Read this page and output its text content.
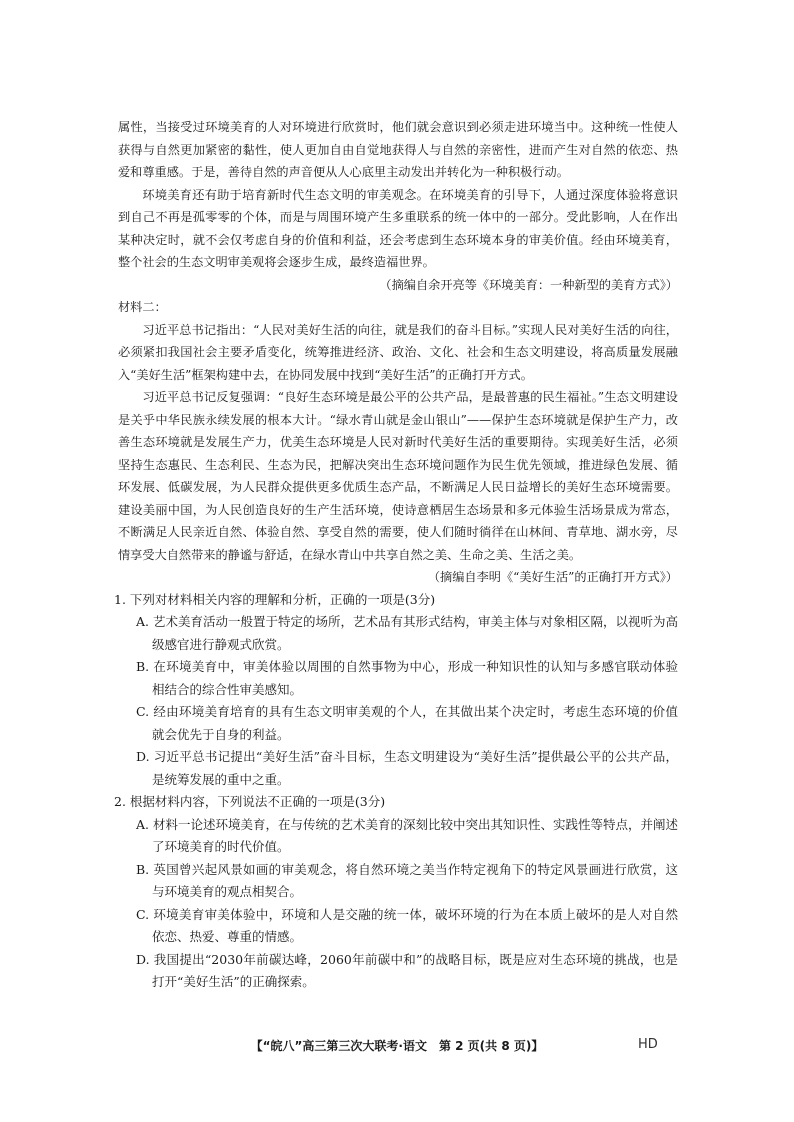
属性，当接受过环境美育的人对环境进行欣赏时，他们就会意识到必须走进环境当中。这种统一性使人获得与自然更加紧密的黏性，使人更加自由自觉地获得人与自然的亲密性，进而产生对自然的依恋、热爱和尊重感。于是，善待自然的声音便从人心底里主动发出并转化为一种积极行动。

环境美育还有助于培育新时代生态文明的审美观念。在环境美育的引导下，人通过深度体验将意识到自己不再是孤零零的个体，而是与周围环境产生多重联系的统一体中的一部分。受此影响，人在作出某种决定时，就不会仅考虑自身的价值和利益，还会考虑到生态环境本身的审美价值。经由环境美育，整个社会的生态文明审美观将会逐步生成，最终造福世界。

（摘编自余开亮等《环境美育：一种新型的美育方式》）

材料二：

习近平总书记指出：“人民对美好生活的向往，就是我们的奋斗目标。”实现人民对美好生活的向往，必须紧扣我国社会主要矛盾变化，统筹推进经济、政治、文化、社会和生态文明建设，将高质量发展融入“美好生活”框架构建中去，在协同发展中找到“美好生活”的正确打开方式。

习近平总书记反复强调：“良好生态环境是最公平的公共产品，是最普惠的民生福祉。”生态文明建设是关乎中华民族永续发展的根本大计。“绿水青山就是金山银山”——保护生态环境就是保护生产力，改善生态环境就是发展生产力，优美生态环境是人民对新时代美好生活的重要期待。实现美好生活，必须坚持生态惠民、生态利民、生态为民，把解决突出生态环境问题作为民生优先领域，推进绿色发展、循环发展、低碳发展，为人民群众提供更多优质生态产品，不断满足人民日益增长的美好生态环境需要。建设美丽中国，为人民创造良好的生产生活环境，使诗意栖居生态场景和多元体验生活场景成为常态，不断满足人民亲近自然、体验自然、享受自然的需要，使人们随时徜徉在山林间、青草地、湖水旁，尽情享受大自然带来的静谧与舒适，在绿水青山中共享自然之美、生命之美、生活之美。

（摘编自李明《“美好生活”的正确打开方式》）

1. 下列对材料相关内容的理解和分析，正确的一项是(3分)

A. 艺术美育活动一般置于特定的场所，艺术品有其形式结构，审美主体与对象相区隔，以视听为高级感官进行静观式欣赏。

B. 在环境美育中，审美体验以周围的自然事物为中心，形成一种知识性的认知与多感官联动体验相结合的综合性审美感知。

C. 经由环境美育培育的具有生态文明审美观的个人，在其做出某个决定时，考虑生态环境的价值就会优先于自身的利益。

D. 习近平总书记提出“美好生活”奋斗目标，生态文明建设为“美好生活”提供最公平的公共产品，是统筹发展的重中之重。

2. 根据材料内容，下列说法不正确的一项是(3分)

A. 材料一论述环境美育，在与传统的艺术美育的深刻比较中突出其知识性、实践性等特点，并阐述了环境美育的时代价值。

B. 英国曾兴起风景如画的审美观念，将自然环境之美当作特定视角下的特定风景画进行欣赏，这与环境美育的观点相契合。

C. 环境美育审美体验中，环境和人是交融的统一体，破坏环境的行为在本质上破坏的是人对自然依恋、热爱、尊重的情感。

D. 我国提出“2030年前碳达峰，2060年前碳中和”的战略目标，既是应对生态环境的挑战，也是打开“美好生活”的正确探索。

【“皖八”高三第三次大联考·语文　第 2 页(共 8 页)】	HD
